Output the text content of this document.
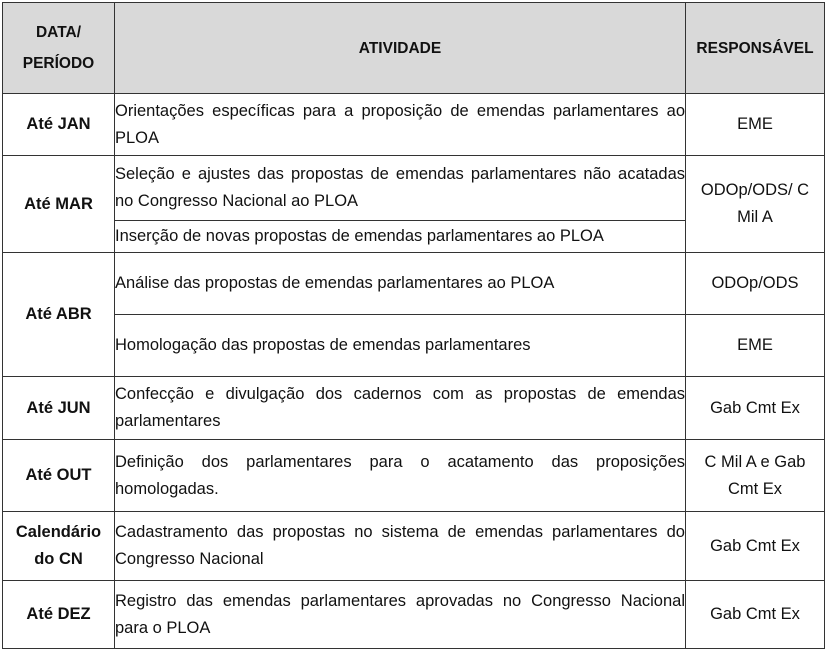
DATA/
PERÍODO	ATIVIDADE	RESPONSÁVEL
Até JAN	Orientações específicas para a proposição de emendas parlamentares ao PLOA	EME
Até MAR	Seleção e ajustes das propostas de emendas parlamentares não acatadas no Congresso Nacional ao PLOA	ODOp/ODS/ C Mil A
	Inserção de novas propostas de emendas parlamentares ao PLOA	
Até ABR	Análise das propostas de emendas parlamentares ao PLOA	ODOp/ODS
	Homologação das propostas de emendas parlamentares	EME
Até JUN	Confecção e divulgação dos cadernos com as propostas de emendas parlamentares	Gab Cmt Ex
Até OUT	Definição dos parlamentares para o acatamento das proposições homologadas.	C Mil A e Gab Cmt Ex
Calendário do CN	Cadastramento das propostas no sistema de emendas parlamentares do Congresso Nacional	Gab Cmt Ex
Até DEZ	Registro das emendas parlamentares aprovadas no Congresso Nacional para o PLOA	Gab Cmt Ex
